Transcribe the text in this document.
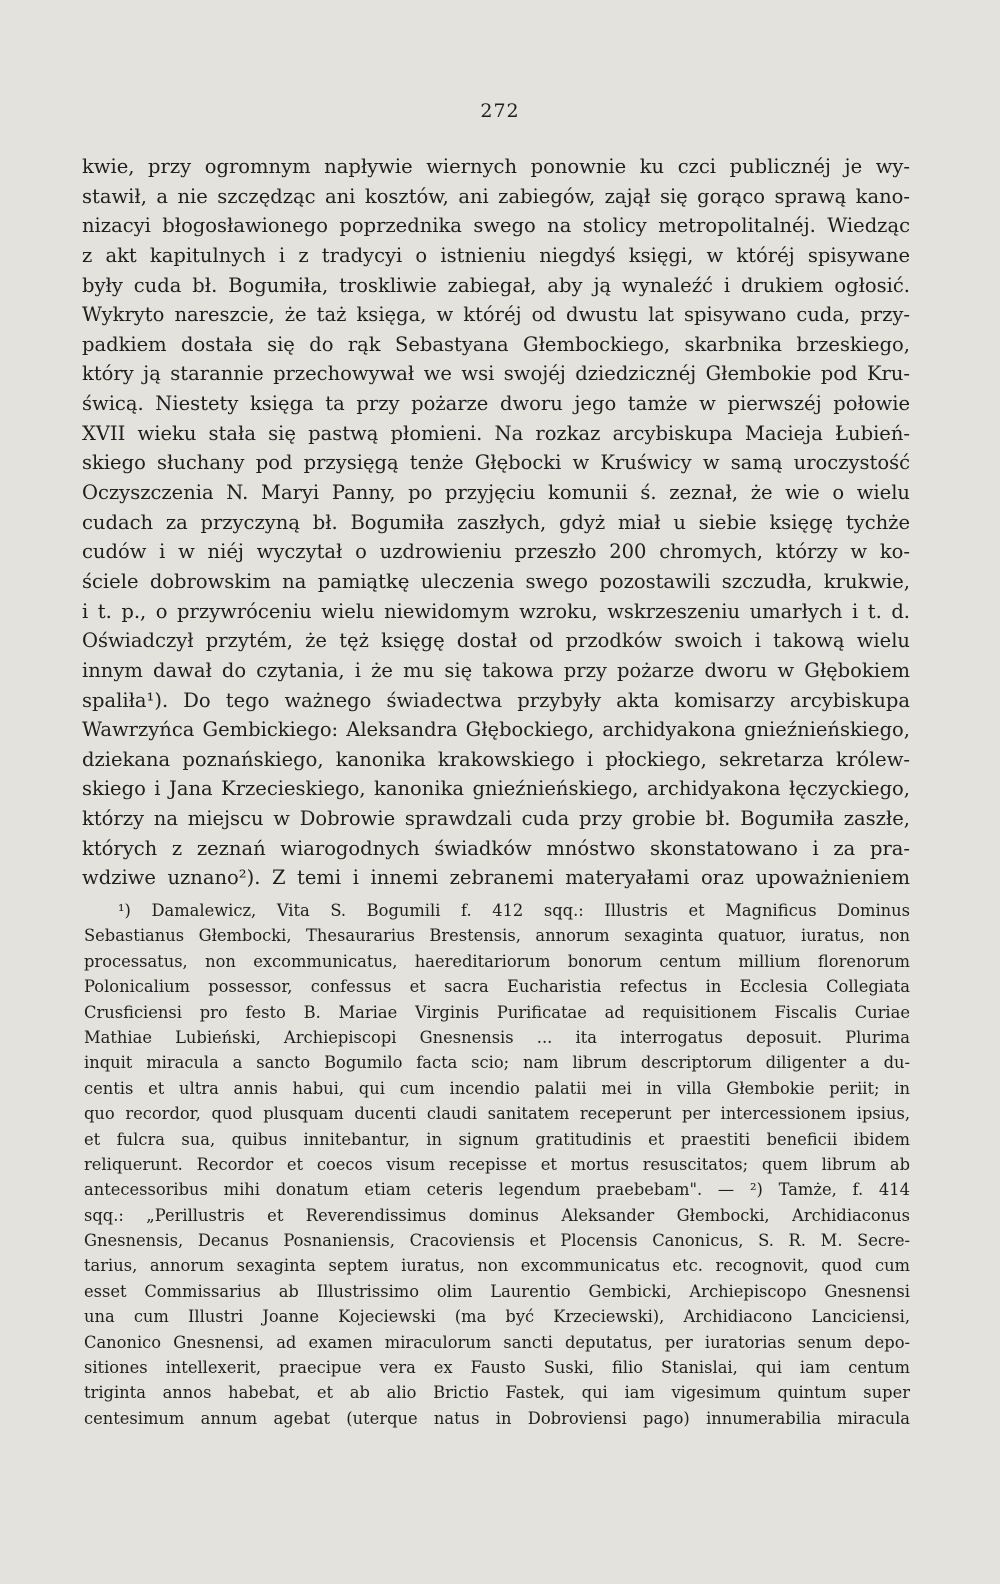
272
kwie, przy ogromnym napływie wiernych ponownie ku czci publicznéj je wy-
stawił, a nie szczędząc ani kosztów, ani zabiegów, zajął się gorąco sprawą kano-
nizacyi błogosławionego poprzednika swego na stolicy metropolitalnéj. Wiedząc
z akt kapitulnych i z tradycyi o istnieniu niegdyś księgi, w któréj spisywane
były cuda bł. Bogumiła, troskliwie zabiegał, aby ją wynaleźć i drukiem ogłosić.
Wykryto nareszcie, że taż księga, w któréj od dwustu lat spisywano cuda, przy-
padkiem dostała się do rąk Sebastyana Głembockiego, skarbnika brzeskiego,
który ją starannie przechowywał we wsi swojéj dziedzicznéj Głembokie pod Kru-
świcą. Niestety księga ta przy pożarze dworu jego tamże w pierwszéj połowie
XVII wieku stała się pastwą płomieni. Na rozkaz arcybiskupa Macieja Łubień-
skiego słuchany pod przysięgą tenże Głębocki w Kruświcy w samą uroczystość
Oczyszczenia N. Maryi Panny, po przyjęciu komunii ś. zeznał, że wie o wielu
cudach za przyczyną bł. Bogumiła zaszłych, gdyż miał u siebie księgę tychże
cudów i w niéj wyczytał o uzdrowieniu przeszło 200 chromych, którzy w ko-
ściele dobrowskim na pamiątkę uleczenia swego pozostawili szczudła, krukwie,
i t. p., o przywróceniu wielu niewidomym wzroku, wskrzeszeniu umarłych i t. d.
Oświadczył przytém, że tęż księgę dostał od przodków swoich i takową wielu
innym dawał do czytania, i że mu się takowa przy pożarze dworu w Głębokiem
spaliła¹). Do tego ważnego świadectwa przybyły akta komisarzy arcybiskupa
Wawrzyńca Gembickiego: Aleksandra Głębockiego, archidyakona gnieźnieńskiego,
dziekana poznańskiego, kanonika krakowskiego i płockiego, sekretarza królew-
skiego i Jana Krzecieskiego, kanonika gnieźnieńskiego, archidyakona łęczyckiego,
którzy na miejscu w Dobrowie sprawdzali cuda przy grobie bł. Bogumiła zaszłe,
których z zeznań wiarogodnych świadków mnóstwo skonstatowano i za pra-
wdziwe uznano²). Z temi i innemi zebranemi materyałami oraz upoważnieniem
¹) Damalewicz, Vita S. Bogumili f. 412 sqq.: Illustris et Magnificus Dominus
Sebastianus Głembocki, Thesaurarius Brestensis, annorum sexaginta quatuor, iuratus, non
processatus, non excommunicatus, haereditariorum bonorum centum millium florenorum
Polonicalium possessor, confessus et sacra Eucharistia refectus in Ecclesia Collegiata
Crusficiensi pro festo B. Mariae Virginis Purificatae ad requisitionem Fiscalis Curiae
Mathiae Lubieński, Archiepiscopi Gnesnensis ... ita interrogatus deposuit. Plurima
inquit miracula a sancto Bogumilo facta scio; nam librum descriptorum diligenter a du-
centis et ultra annis habui, qui cum incendio palatii mei in villa Głembokie periit; in
quo recordor, quod plusquam ducenti claudi sanitatem receperunt per intercessionem ipsius,
et fulcra sua, quibus innitebantur, in signum gratitudinis et praestiti beneficii ibidem
reliquerunt. Recordor et coecos visum recepisse et mortus resuscitatos; quem librum ab
antecessoribus mihi donatum etiam ceteris legendum praebebam". — ²) Tamże, f. 414
sqq.: „Perillustris et Reverendissimus dominus Aleksander Głembocki, Archidiaconus
Gnesnensis, Decanus Posnaniensis, Cracoviensis et Plocensis Canonicus, S. R. M. Secre-
tarius, annorum sexaginta septem iuratus, non excommunicatus etc. recognovit, quod cum
esset Commissarius ab Illustrissimo olim Laurentio Gembicki, Archiepiscopo Gnesnensi
una cum Illustri Joanne Kojeciewski (ma być Krzeciewski), Archidiacono Lanciciensi,
Canonico Gnesnensi, ad examen miraculorum sancti deputatus, per iuratorias senum depo-
sitiones intellexerit, praecipue vera ex Fausto Suski, filio Stanislai, qui iam centum
triginta annos habebat, et ab alio Brictio Fastek, qui iam vigesimum quintum super
centesimum annum agebat (uterque natus in Dobroviensi pago) innumerabilia miracula
